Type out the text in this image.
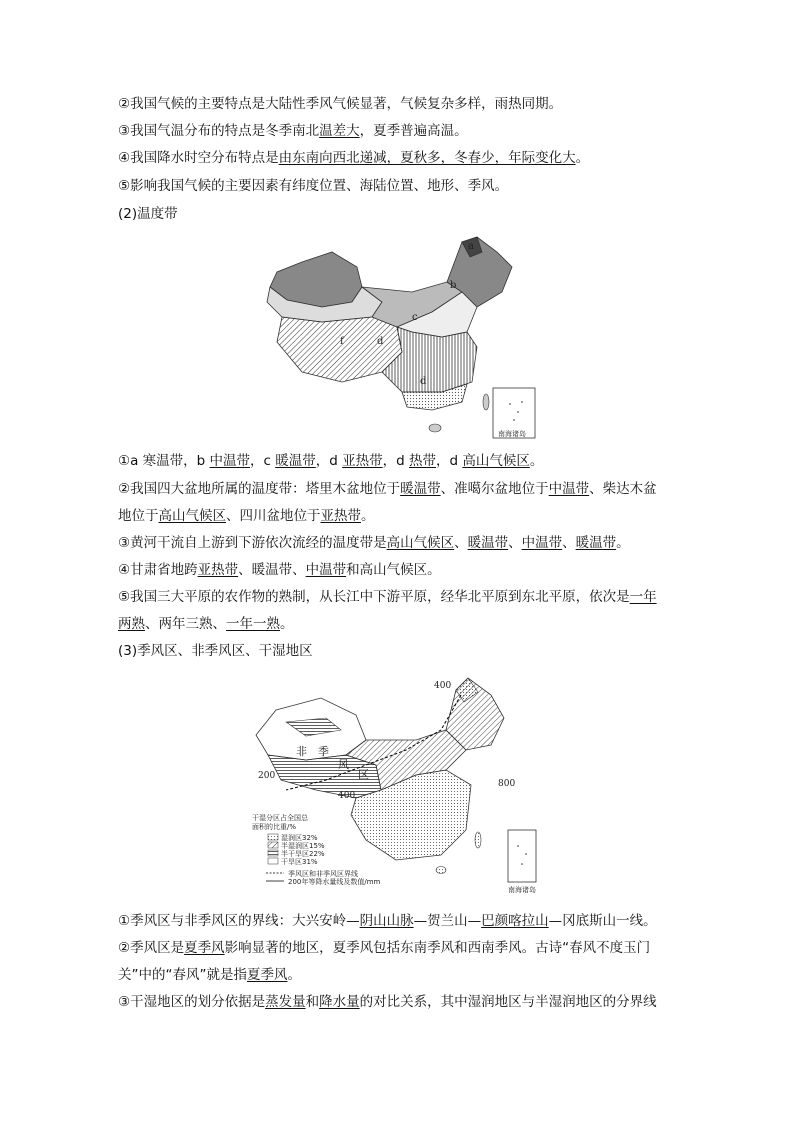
②我国气候的主要特点是大陆性季风气候显著，气候复杂多样，雨热同期。
③我国气温分布的特点是冬季南北温差大，夏季普遍高温。
④我国降水时空分布特点是由东南向西北递减，夏秋多，冬春少，年际变化大。
⑤影响我国气候的主要因素有纬度位置、海陆位置、地形、季风。
(2)温度带
a
b
c
d
d
f
南海诸岛
①a 寒温带，b 中温带，c 暖温带，d 亚热带，d 热带，d 高山气候区。
②我国四大盆地所属的温度带：塔里木盆地位于暖温带、准噶尔盆地位于中温带、柴达木盆
地位于高山气候区、四川盆地位于亚热带。
③黄河干流自上游到下游依次流经的温度带是高山气候区、暖温带、中温带、暖温带。
④甘肃省地跨亚热带、暖温带、中温带和高山气候区。
⑤我国三大平原的农作物的熟制，从长江中下游平原，经华北平原到东北平原，依次是一年
两熟、两年三熟、一年一熟。
(3)季风区、非季风区、干湿地区
400
200
400
800
非 季
风
区
干湿分区占全国总
面积的比重/%
湿润区32%
半湿润区15%
半干旱区22%
干旱区31%
季风区和非季风区界线
200年等降水量线及数值/mm
南海诸岛
①季风区与非季风区的界线：大兴安岭—阴山山脉—贺兰山—巴颜喀拉山—冈底斯山一线。
②季风区是夏季风影响显著的地区，夏季风包括东南季风和西南季风。古诗“春风不度玉门
关”中的“春风”就是指夏季风。
③干湿地区的划分依据是蒸发量和降水量的对比关系，其中湿润地区与半湿润地区的分界线
